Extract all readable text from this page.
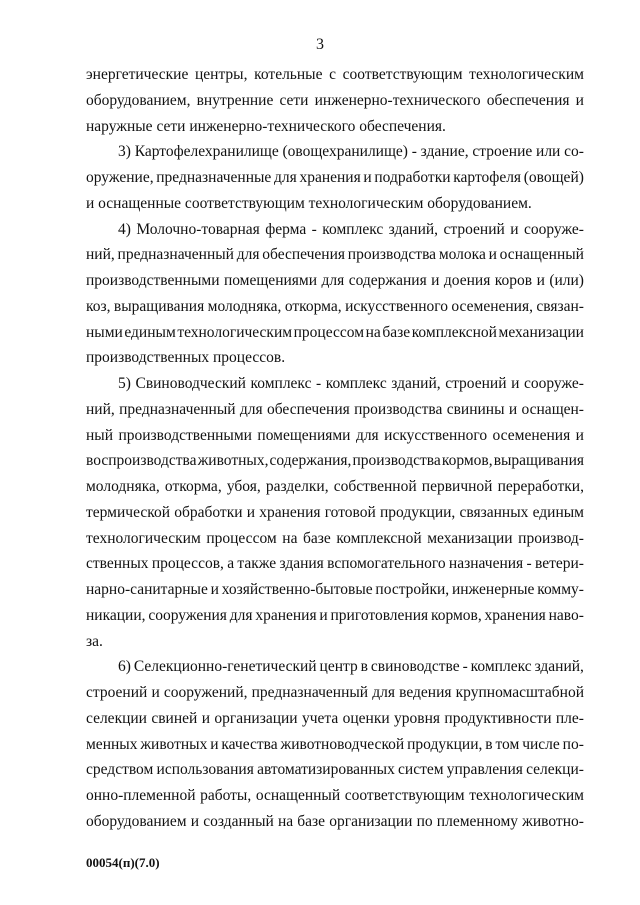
3
энергетические центры, котельные с соответствующим технологическим
оборудованием, внутренние сети инженерно-технического обеспечения и
наружные сети инженерно-технического обеспечения.
3) Картофелехранилище (овощехранилище) - здание, строение или со-
оружение, предназначенные для хранения и подработки картофеля (овощей)
и оснащенные соответствующим технологическим оборудованием.
4) Молочно-товарная ферма - комплекс зданий, строений и сооруже-
ний, предназначенный для обеспечения производства молока и оснащенный
производственными помещениями для содержания и доения коров и (или)
коз, выращивания молодняка, откорма, искусственного осеменения, связан-
ными единым технологическим процессом на базе комплексной механизации
производственных процессов.
5) Свиноводческий комплекс - комплекс зданий, строений и сооруже-
ний, предназначенный для обеспечения производства свинины и оснащен-
ный производственными помещениями для искусственного осеменения и
воспроизводства животных, содержания, производства кормов, выращивания
молодняка, откорма, убоя, разделки, собственной первичной переработки,
термической обработки и хранения готовой продукции, связанных единым
технологическим процессом на базе комплексной механизации производ-
ственных процессов, а также здания вспомогательного назначения - ветери-
нарно-санитарные и хозяйственно-бытовые постройки, инженерные комму-
никации, сооружения для хранения и приготовления кормов, хранения наво-
за.
6) Селекционно-генетический центр в свиноводстве - комплекс зданий,
строений и сооружений, предназначенный для ведения крупномасштабной
селекции свиней и организации учета оценки уровня продуктивности пле-
менных животных и качества животноводческой продукции, в том числе по-
средством использования автоматизированных систем управления селекци-
онно-племенной работы, оснащенный соответствующим технологическим
оборудованием и созданный на базе организации по племенному животно-
00054(п)(7.0)
